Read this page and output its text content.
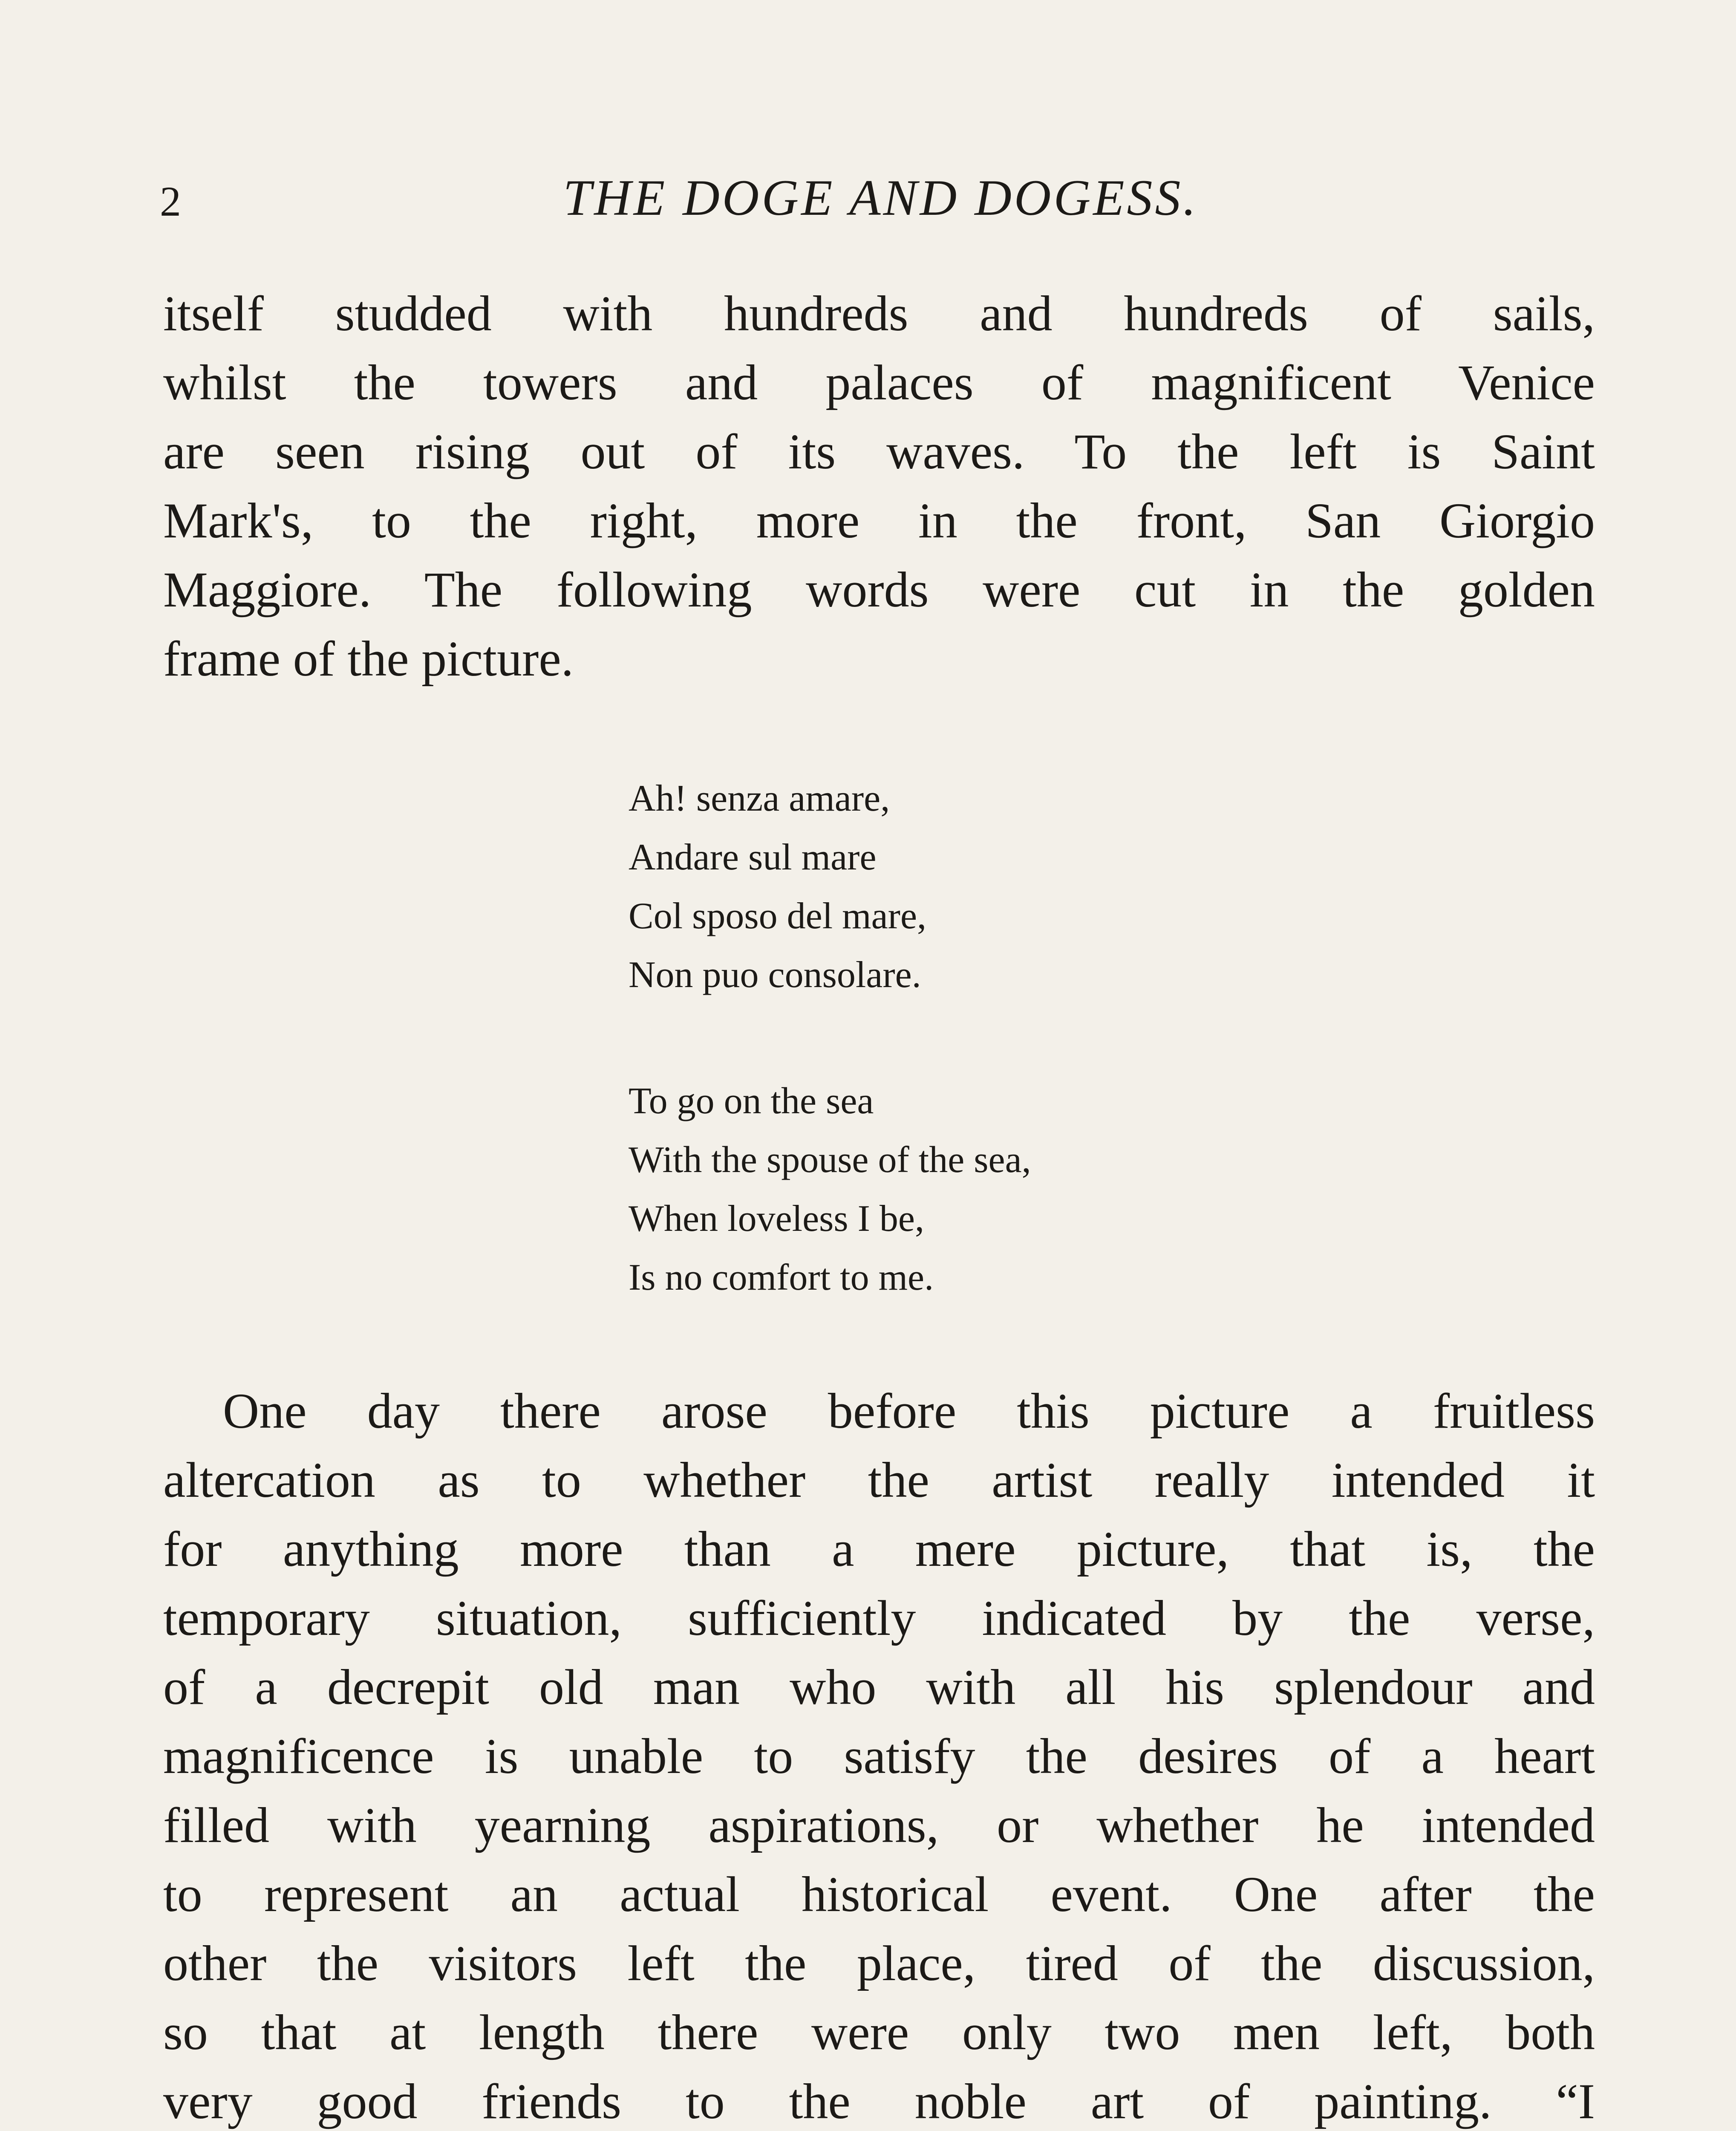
2	THE DOGE AND DOGESS.
itself studded with hundreds and hundreds of sails,
whilst the towers and palaces of magnificent Venice
are seen rising out of its waves. To the left is Saint
Mark's, to the right, more in the front, San Giorgio
Maggiore. The following words were cut in the golden
frame of the picture.
Ah! senza amare,
Andare sul mare
Col sposo del mare,
Non puo consolare.
To go on the sea
With the spouse of the sea,
When loveless I be,
Is no comfort to me.
One day there arose before this picture a fruitless
altercation as to whether the artist really intended it
for anything more than a mere picture, that is, the
temporary situation, sufficiently indicated by the verse,
of a decrepit old man who with all his splendour and
magnificence is unable to satisfy the desires of a heart
filled with yearning aspirations, or whether he intended
to represent an actual historical event. One after the
other the visitors left the place, tired of the discussion,
so that at length there were only two men left, both
very good friends to the noble art of painting. “I
